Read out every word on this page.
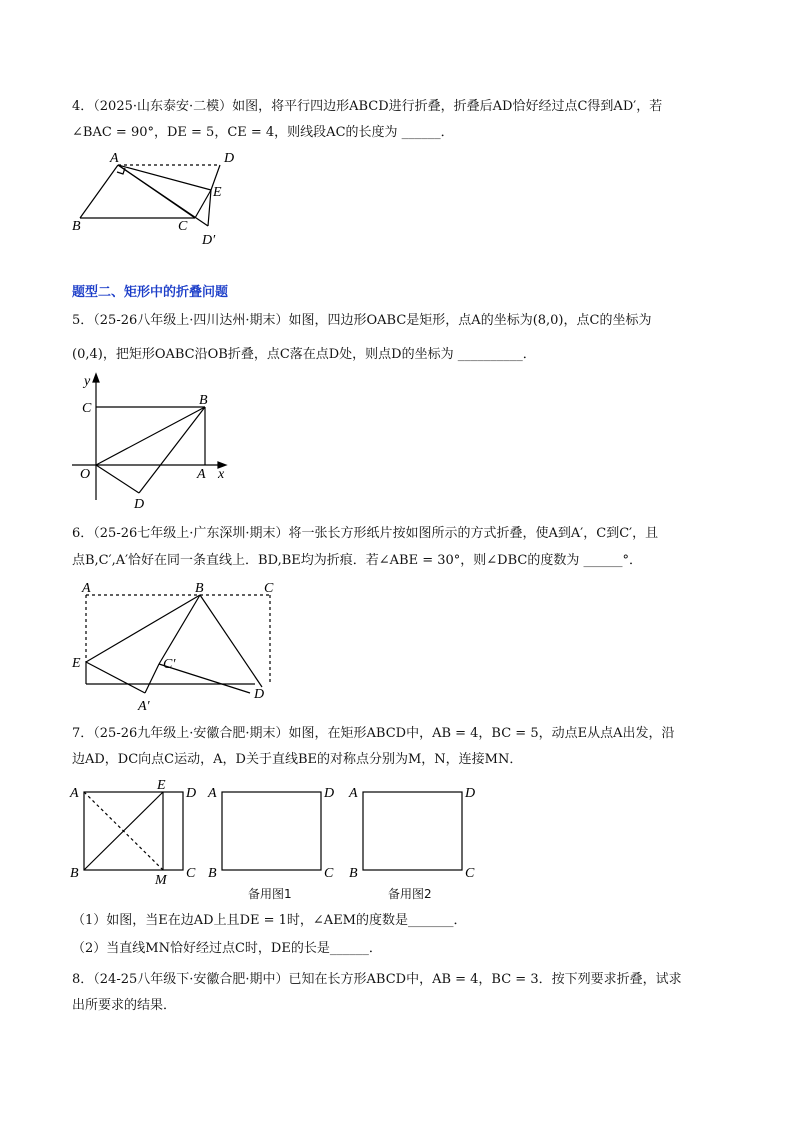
4．（2025·山东泰安·二模）如图，将平行四边形ABCD进行折叠，折叠后AD恰好经过点C得到AD′，若
∠BAC = 90°，DE = 5，CE = 4，则线段AC的长度为 ______．
A	D
E
B	C
D′
题型二、矩形中的折叠问题
5．（25-26八年级上·四川达州·期末）如图，四边形OABC是矩形，点A的坐标为(8,0)，点C的坐标为
(0,4)，把矩形OABC沿OB折叠，点C落在点D处，则点D的坐标为 __________．
y
C
B
O	A x
D
6．（25-26七年级上·广东深圳·期末）将一张长方形纸片按如图所示的方式折叠，使A到A′，C到C′，且
点B,C′,A′恰好在同一条直线上．BD,BE均为折痕．若∠ABE = 30°，则∠DBC的度数为 ______°．
A	B	C
E	C′
A′
D
7．（25-26九年级上·安徽合肥·期末）如图，在矩形ABCD中，AB = 4，BC = 5，动点E从点A出发，沿
边AD，DC向点C运动，A，D关于直线BE的对称点分别为M，N，连接MN．
A
E
D
B	M C
A	D
B	C
A	D
B	C
备用图1	备用图2
（1）如图，当E在边AD上且DE = 1时，∠AEM的度数是_______．
（2）当直线MN恰好经过点C时，DE的长是______．
8．（24-25八年级下·安徽合肥·期中）已知在长方形ABCD中，AB = 4，BC = 3．按下列要求折叠，试求
出所要求的结果．
